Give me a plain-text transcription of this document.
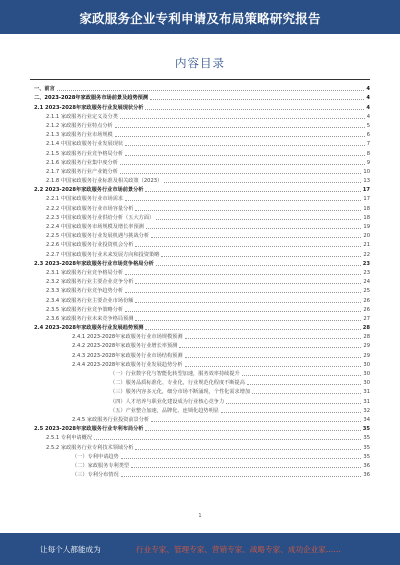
家政服务企业专利申请及布局策略研究报告
内容目录
一、前言	4
二、2023-2028年家政服务市场前景及趋势预测	4
2.1 2023-2028年家政服务行业发展现状分析	4
2.1.1 家政服务行业定义及分类	4
2.1.2 家政服务行业特点分析	5
2.1.3 家政服务行业市场规模	6
2.1.4 中国家政服务行业发展现状	7
2.1.5 家政服务行业竞争格局分析	8
2.1.6 家政服务行业集中度分析	9
2.1.7 家政服务行业产业链分析	10
2.1.8 中国家政服务行业标准及相关政策（2023）	13
2.2 2023-2028年家政服务行业市场前景分析	17
2.2.1 中国家政服务行业市场需求	17
2.2.2 中国家政服务行业市场容量分析	18
2.2.3 中国家政服务行业供给分析（五大方面）	18
2.2.4 中国家政服务市场规模及增长率预测	19
2.2.5 中国家政服务行业发展机遇与挑战分析	20
2.2.6 中国家政服务行业投资机会分析	21
2.2.7 中国家政服务行业未来发展方向和投资策略	22
2.3 2023-2028年家政服务行业市场竞争格局分析	23
2.3.1 家政服务行业竞争格局分析	23
2.3.2 家政服务行业主要企业竞争分析	24
2.3.3 家政服务行业竞争趋势分析	25
2.3.4 家政服务行业主要企业市场份额	26
2.3.5 家政服务行业竞争策略分析	26
2.3.6 家政服务行业未来竞争格局预测	27
2.4 2023-2028年家政服务行业发展趋势预测	28
2.4.1 2023-2028年家政服务行业市场规模预测	28
2.4.2 2023-2028年家政服务行业增长率预测	29
2.4.3 2023-2028年家政服务行业市场结构预测	29
2.4.4 2023-2028年家政服务行业发展趋势分析	30
（一）行业数字化与智能化转型加速，服务效率持续提升	30
（二）服务品质标准化、专业化，行业规范化程度不断提高	30
（三）服务内容多元化，细分市场不断涌现，个性化需求增加	31
（四）人才培养与职业化建设成为行业核心竞争力	31
（五）产业整合加速，品牌化、连锁化趋势明显	32
2.4.5 家政服务行业投资前景分析	34
2.5 2023-2028年家政服务行业专利布局分析	35
2.5.1 专利申请概况	35
2.5.2 家政服务行业专利技术领域分析	35
（一）专利申请趋势	35
（二）家政服务专利类型	36
（三）专利分布情况	36
1
让每个人都能成为	行业专家、管理专家、营销专家、战略专家、成功企业家……
